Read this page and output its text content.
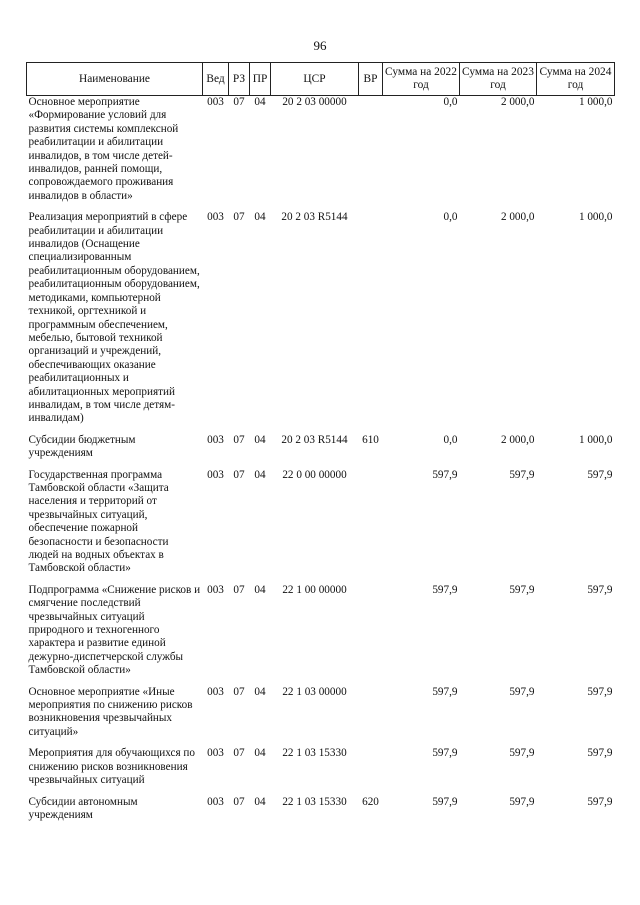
96
Наименование	Вед	РЗ	ПР	ЦСР	ВР	Сумма на 2022 год	Сумма на 2023 год	Сумма на 2024 год
Основное мероприятие «Формирование условий для развития системы комплексной реабилитации и абилитации инвалидов, в том числе детей-инвалидов, ранней помощи, сопровождаемого проживания инвалидов в области»	003	07	04	20 2 03 00000		0,0	2 000,0	1 000,0
Реализация мероприятий в сфере реабилитации и абилитации инвалидов (Оснащение специализированным реабилитационным оборудованием, реабилитационным оборудованием, методиками, компьютерной техникой, оргтехникой и программным обеспечением, мебелью, бытовой техникой организаций и учреждений, обеспечивающих оказание реабилитационных и абилитационных мероприятий инвалидам, в том числе детям-инвалидам)	003	07	04	20 2 03 R5144		0,0	2 000,0	1 000,0
Субсидии бюджетным учреждениям	003	07	04	20 2 03 R5144	610	0,0	2 000,0	1 000,0
Государственная программа Тамбовской области «Защита населения и территорий от чрезвычайных ситуаций, обеспечение пожарной безопасности и безопасности людей на водных объектах в Тамбовской области»	003	07	04	22 0 00 00000		597,9	597,9	597,9
Подпрограмма «Снижение рисков и смягчение последствий чрезвычайных ситуаций природного и техногенного характера и развитие единой дежурно-диспетчерской службы Тамбовской области»	003	07	04	22 1 00 00000		597,9	597,9	597,9
Основное мероприятие «Иные мероприятия по снижению рисков возникновения чрезвычайных ситуаций»	003	07	04	22 1 03 00000		597,9	597,9	597,9
Мероприятия для обучающихся по снижению рисков возникновения чрезвычайных ситуаций	003	07	04	22 1 03 15330		597,9	597,9	597,9
Субсидии автономным учреждениям	003	07	04	22 1 03 15330	620	597,9	597,9	597,9
